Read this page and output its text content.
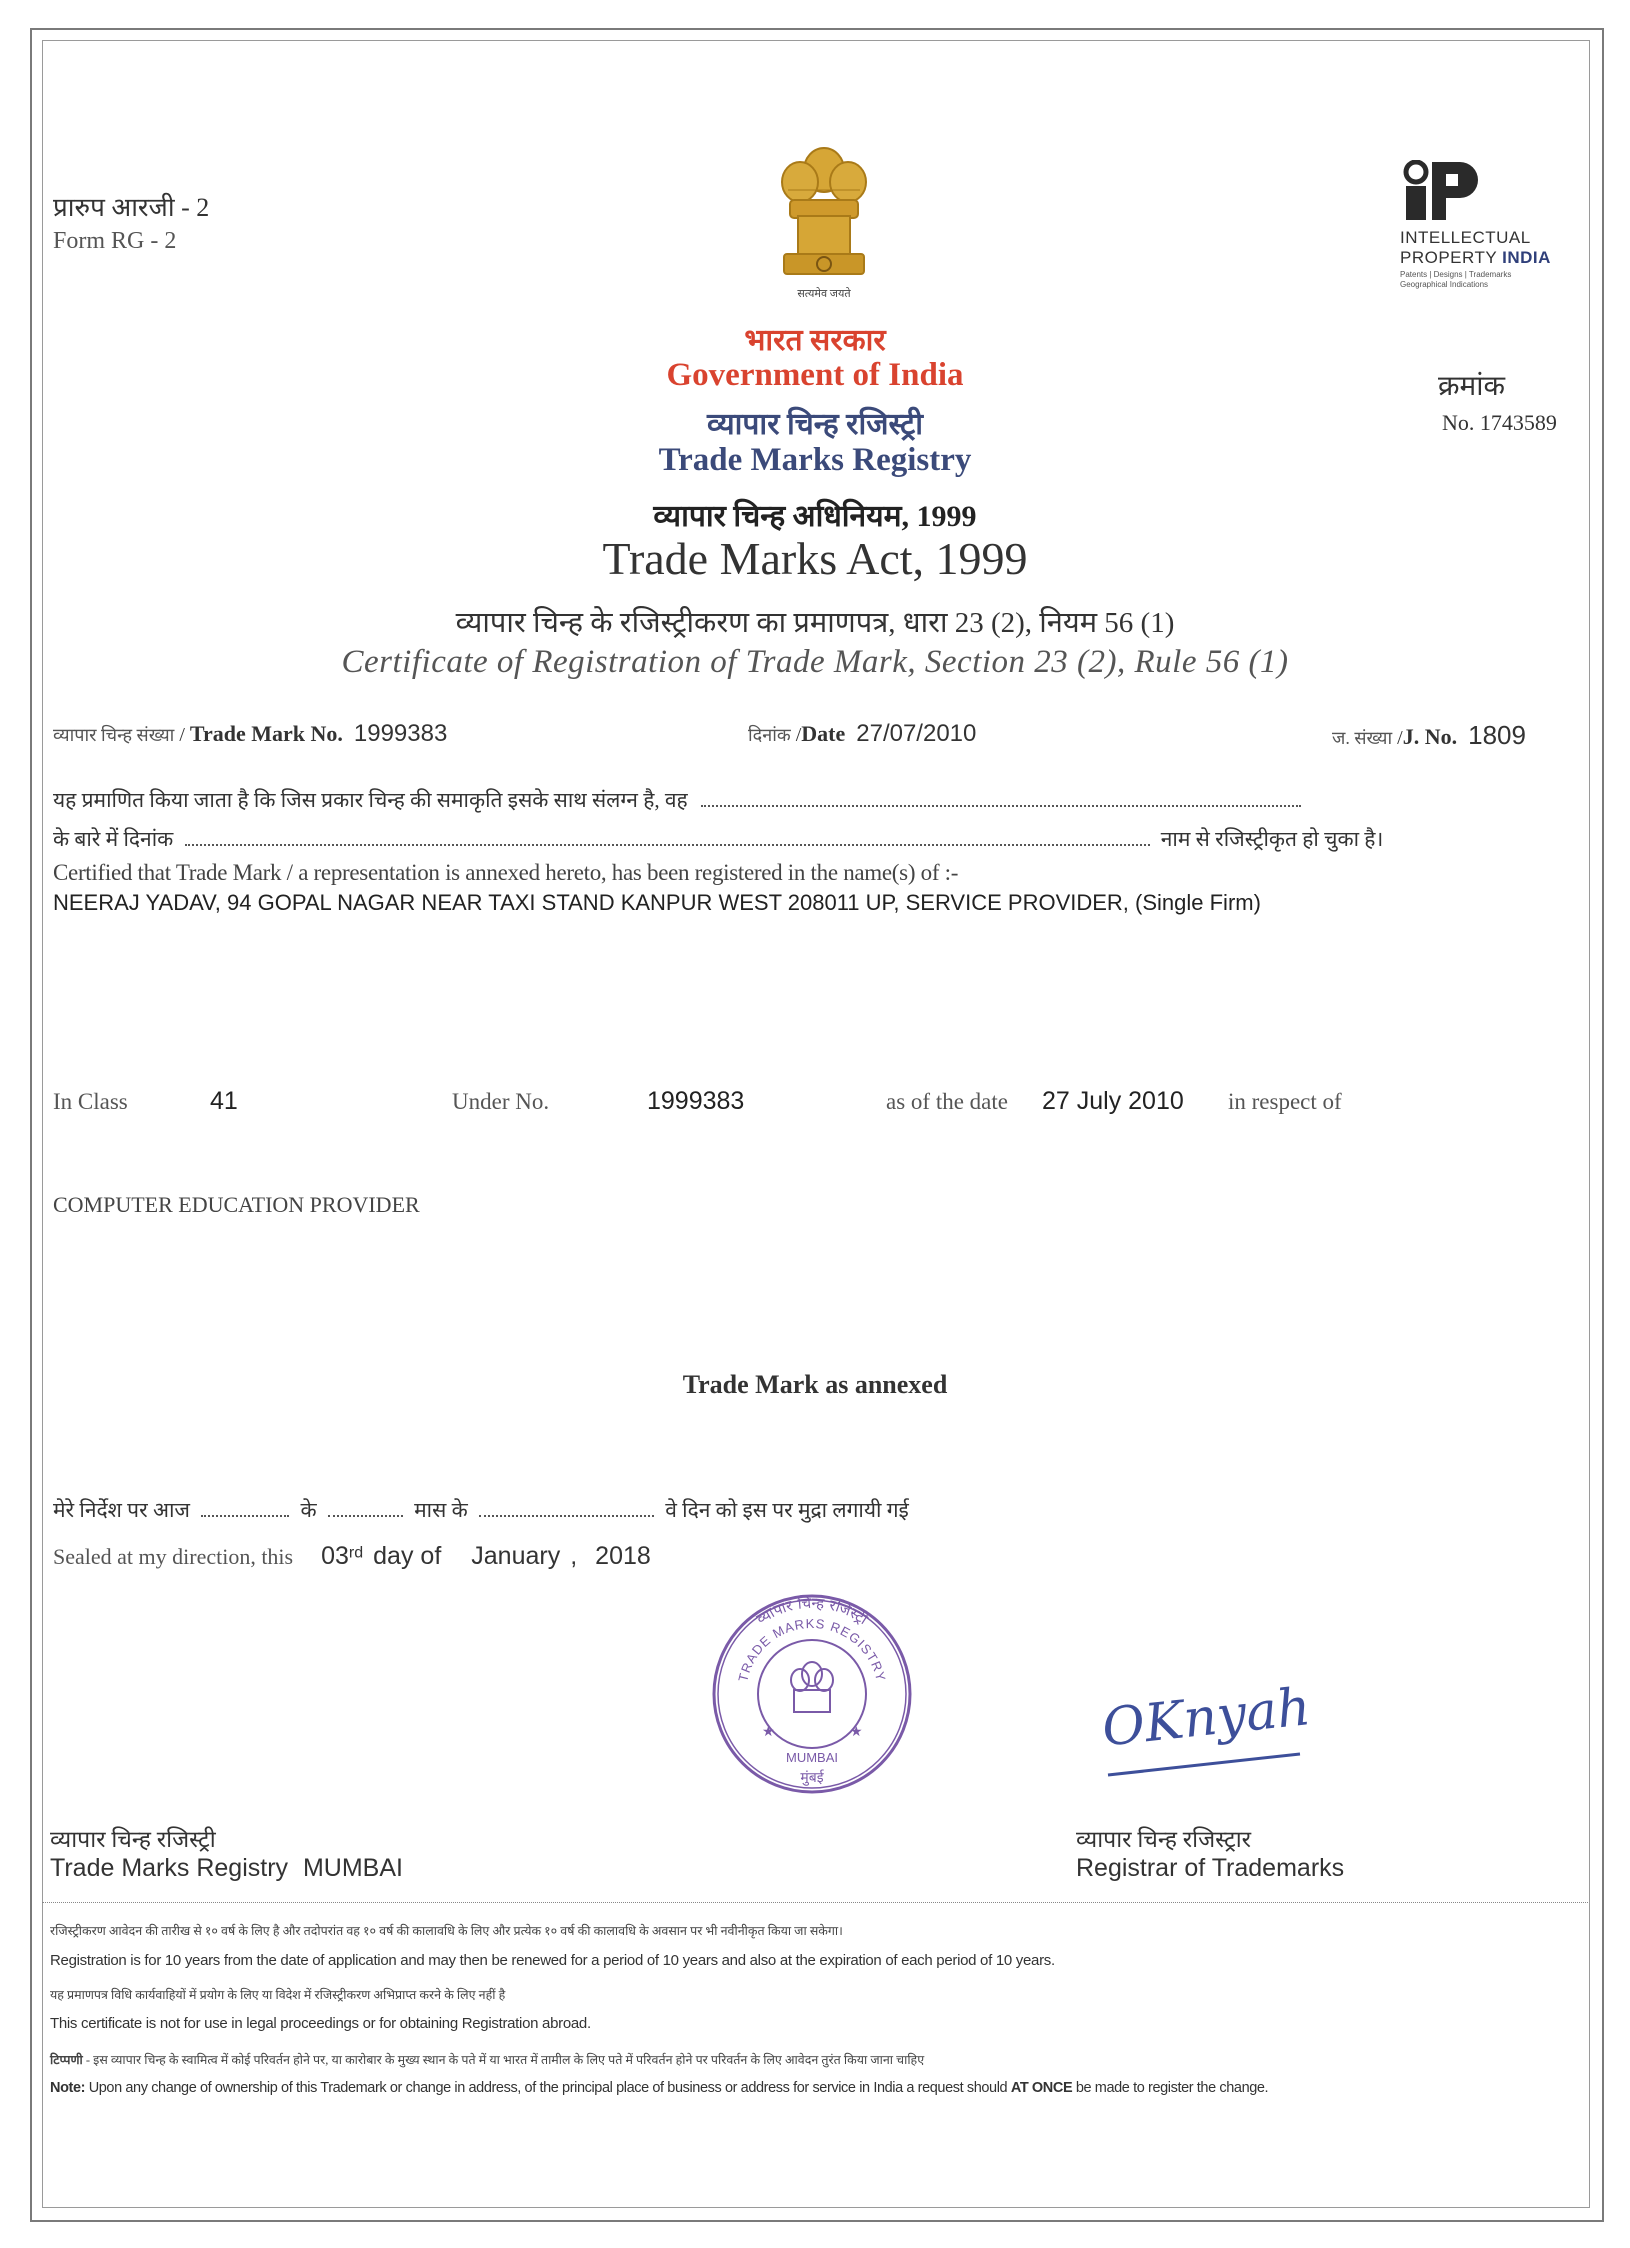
प्रारुप आरजी - 2
Form RG - 2
सत्यमेव जयते
INTELLECTUAL
PROPERTY INDIA
Patents | Designs | Trademarks
Geographical Indications
क्रमांक
No. 1743589
भारत सरकार
Government of India
व्यापार चिन्ह रजिस्ट्री
Trade Marks Registry
व्यापार चिन्ह अधिनियम, 1999
Trade Marks Act, 1999
व्यापार चिन्ह के रजिस्ट्रीकरण का प्रमाणपत्र, धारा 23 (2), नियम 56 (1)
Certificate of Registration of Trade Mark, Section 23 (2), Rule 56 (1)
व्यापार चिन्ह संख्या / Trade Mark No. 1999383	दिनांक /Date 27/07/2010	ज. संख्या /J. No. 1809
यह प्रमाणित किया जाता है कि जिस प्रकार चिन्ह की समाकृति इसके साथ संलग्न है, वह
के बारे में दिनांक	नाम से रजिस्ट्रीकृत हो चुका है।
Certified that Trade Mark / a representation is annexed hereto, has been registered in the name(s) of :-
NEERAJ YADAV, 94 GOPAL NAGAR NEAR TAXI STAND KANPUR WEST 208011 UP, SERVICE PROVIDER, (Single Firm)
In Class	41	Under No.	1999383	as of the date 27 July 2010 in respect of
COMPUTER EDUCATION PROVIDER
Trade Mark as annexed
मेरे निर्देश पर आज	के	मास के	वे दिन को इस पर मुद्रा लगायी गई
Sealed at my direction, this 03rd day of January , 2018
व्यापार चिन्ह रजिस्ट्री
TRADE MARKS REGISTRY
★	★
MUMBAI
मुंबई
OKnyah
व्यापार चिन्ह रजिस्ट्री
Trade Marks Registry MUMBAI
व्यापार चिन्ह रजिस्ट्रार
Registrar of Trademarks
रजिस्ट्रीकरण आवेदन की तारीख से १० वर्ष के लिए है और तदोपरांत वह १० वर्ष की कालावधि के लिए और प्रत्येक १० वर्ष की कालावधि के अवसान पर भी नवीनीकृत किया जा सकेगा।
Registration is for 10 years from the date of application and may then be renewed for a period of 10 years and also at the expiration of each period of 10 years.
यह प्रमाणपत्र विधि कार्यवाहियों में प्रयोग के लिए या विदेश में रजिस्ट्रीकरण अभिप्राप्त करने के लिए नहीं है
This certificate is not for use in legal proceedings or for obtaining Registration abroad.
टिप्पणी - इस व्यापार चिन्ह के स्वामित्व में कोई परिवर्तन होने पर, या कारोबार के मुख्य स्थान के पते में या भारत में तामील के लिए पते में परिवर्तन होने पर परिवर्तन के लिए आवेदन तुरंत किया जाना चाहिए
Note: Upon any change of ownership of this Trademark or change in address, of the principal place of business or address for service in India a request should AT ONCE be made to register the change.
